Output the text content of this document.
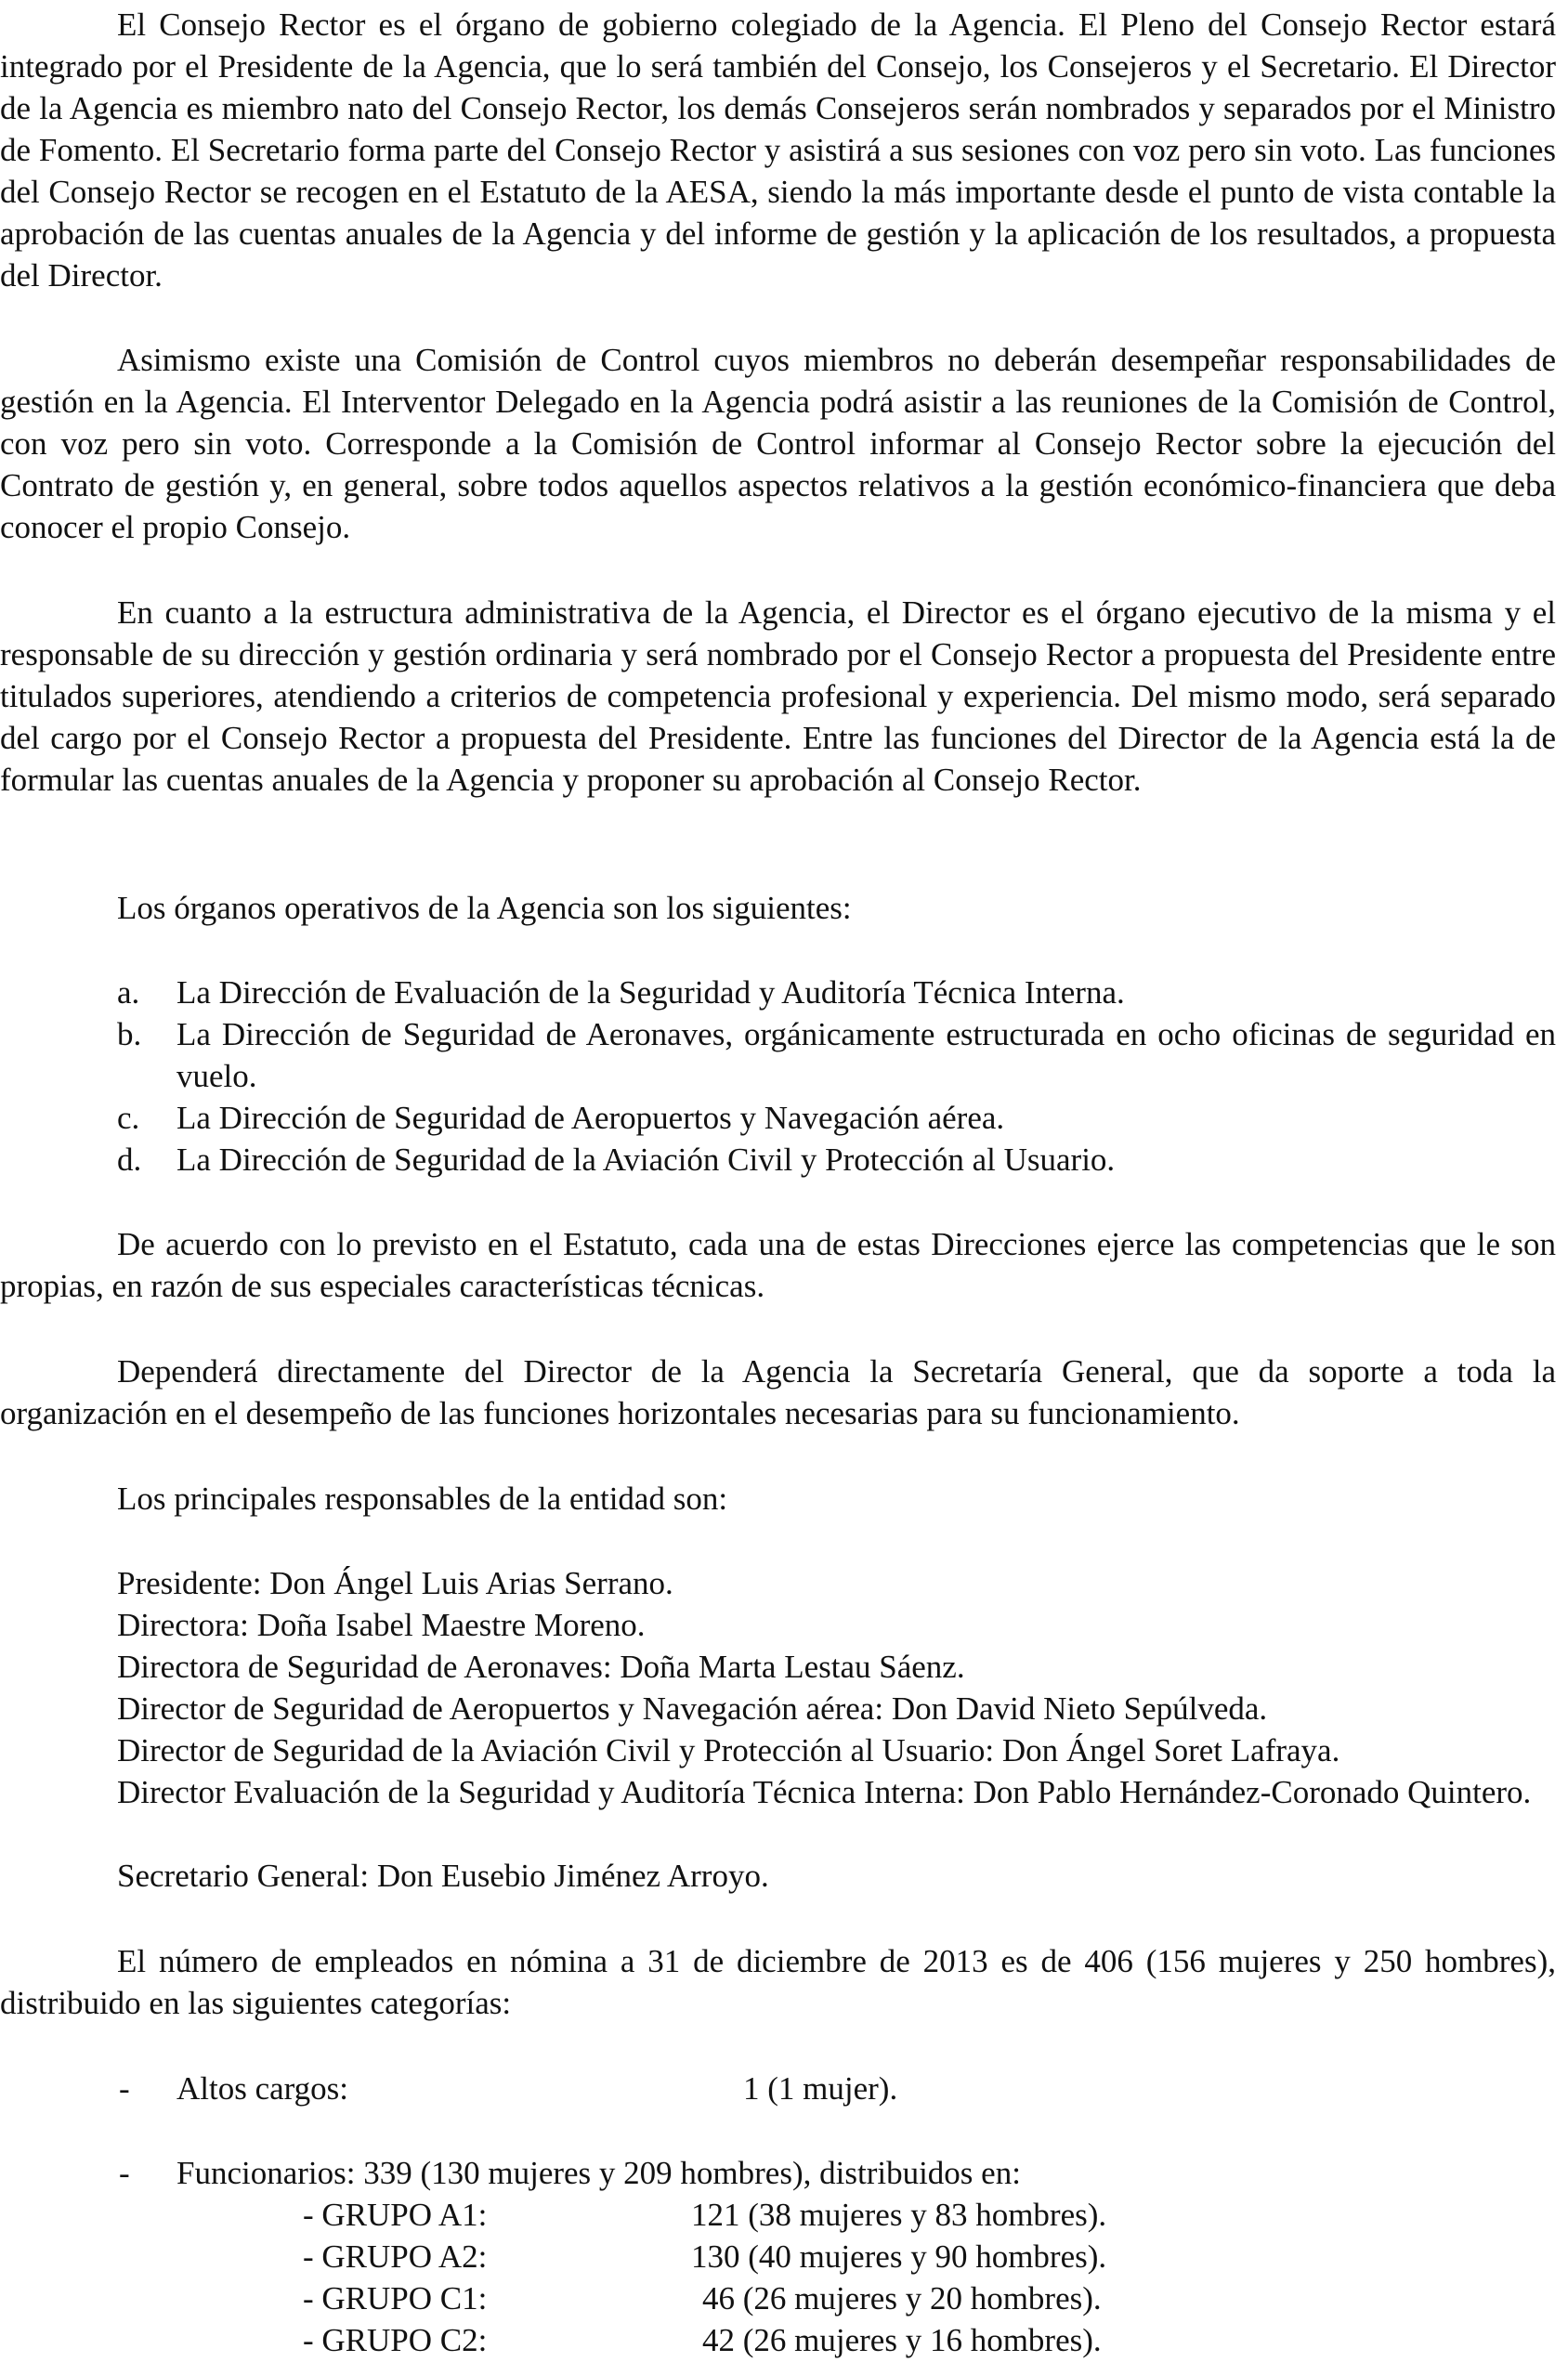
El Consejo Rector es el órgano de gobierno colegiado de la Agencia. El Pleno del Consejo Rector estará integrado por el Presidente de la Agencia, que lo será también del Consejo, los Consejeros y el Secretario. El Director de la Agencia es miembro nato del Consejo Rector, los demás Consejeros serán nombrados y separados por el Ministro de Fomento. El Secretario forma parte del Consejo Rector y asistirá a sus sesiones con voz pero sin voto. Las funciones del Consejo Rector se recogen en el Estatuto de la AESA, siendo la más importante desde el punto de vista contable la aprobación de las cuentas anuales de la Agencia y del informe de gestión y la aplicación de los resultados, a propuesta del Director.

Asimismo existe una Comisión de Control cuyos miembros no deberán desempeñar responsabilidades de gestión en la Agencia. El Interventor Delegado en la Agencia podrá asistir a las reuniones de la Comisión de Control, con voz pero sin voto. Corresponde a la Comisión de Control informar al Consejo Rector sobre la ejecución del Contrato de gestión y, en general, sobre todos aquellos aspectos relativos a la gestión económico-financiera que deba conocer el propio Consejo.

En cuanto a la estructura administrativa de la Agencia, el Director es el órgano ejecutivo de la misma y el responsable de su dirección y gestión ordinaria y será nombrado por el Consejo Rector a propuesta del Presidente entre titulados superiores, atendiendo a criterios de competencia profesional y experiencia. Del mismo modo, será separado del cargo por el Consejo Rector a propuesta del Presidente. Entre las funciones del Director de la Agencia está la de formular las cuentas anuales de la Agencia y proponer su aprobación al Consejo Rector.

Los órganos operativos de la Agencia son los siguientes:

a. La Dirección de Evaluación de la Seguridad y Auditoría Técnica Interna.
b. La Dirección de Seguridad de Aeronaves, orgánicamente estructurada en ocho oficinas de seguridad en vuelo.
c. La Dirección de Seguridad de Aeropuertos y Navegación aérea.
d. La Dirección de Seguridad de la Aviación Civil y Protección al Usuario.

De acuerdo con lo previsto en el Estatuto, cada una de estas Direcciones ejerce las competencias que le son propias, en razón de sus especiales características técnicas.

Dependerá directamente del Director de la Agencia la Secretaría General, que da soporte a toda la organización en el desempeño de las funciones horizontales necesarias para su funcionamiento.

Los principales responsables de la entidad son:

Presidente: Don Ángel Luis Arias Serrano.

Directora: Doña Isabel Maestre Moreno.

Directora de Seguridad de Aeronaves: Doña Marta Lestau Sáenz.

Director de Seguridad de Aeropuertos y Navegación aérea: Don David Nieto Sepúlveda.

Director de Seguridad de la Aviación Civil y Protección al Usuario: Don Ángel Soret Lafraya.

Director Evaluación de la Seguridad y Auditoría Técnica Interna: Don Pablo Hernández-Coronado Quintero.

Secretario General: Don Eusebio Jiménez Arroyo.

El número de empleados en nómina a 31 de diciembre de 2013 es de 406 (156 mujeres y 250 hombres), distribuido en las siguientes categorías:

- Altos cargos:	1 (1 mujer).
- Funcionarios: 339 (130 mujeres y 209 hombres), distribuidos en:
- GRUPO A1:	121 (38 mujeres y 83 hombres).
- GRUPO A2:	130 (40 mujeres y 90 hombres).
- GRUPO C1:	46 (26 mujeres y 20 hombres).
- GRUPO C2:	42 (26 mujeres y 16 hombres).
